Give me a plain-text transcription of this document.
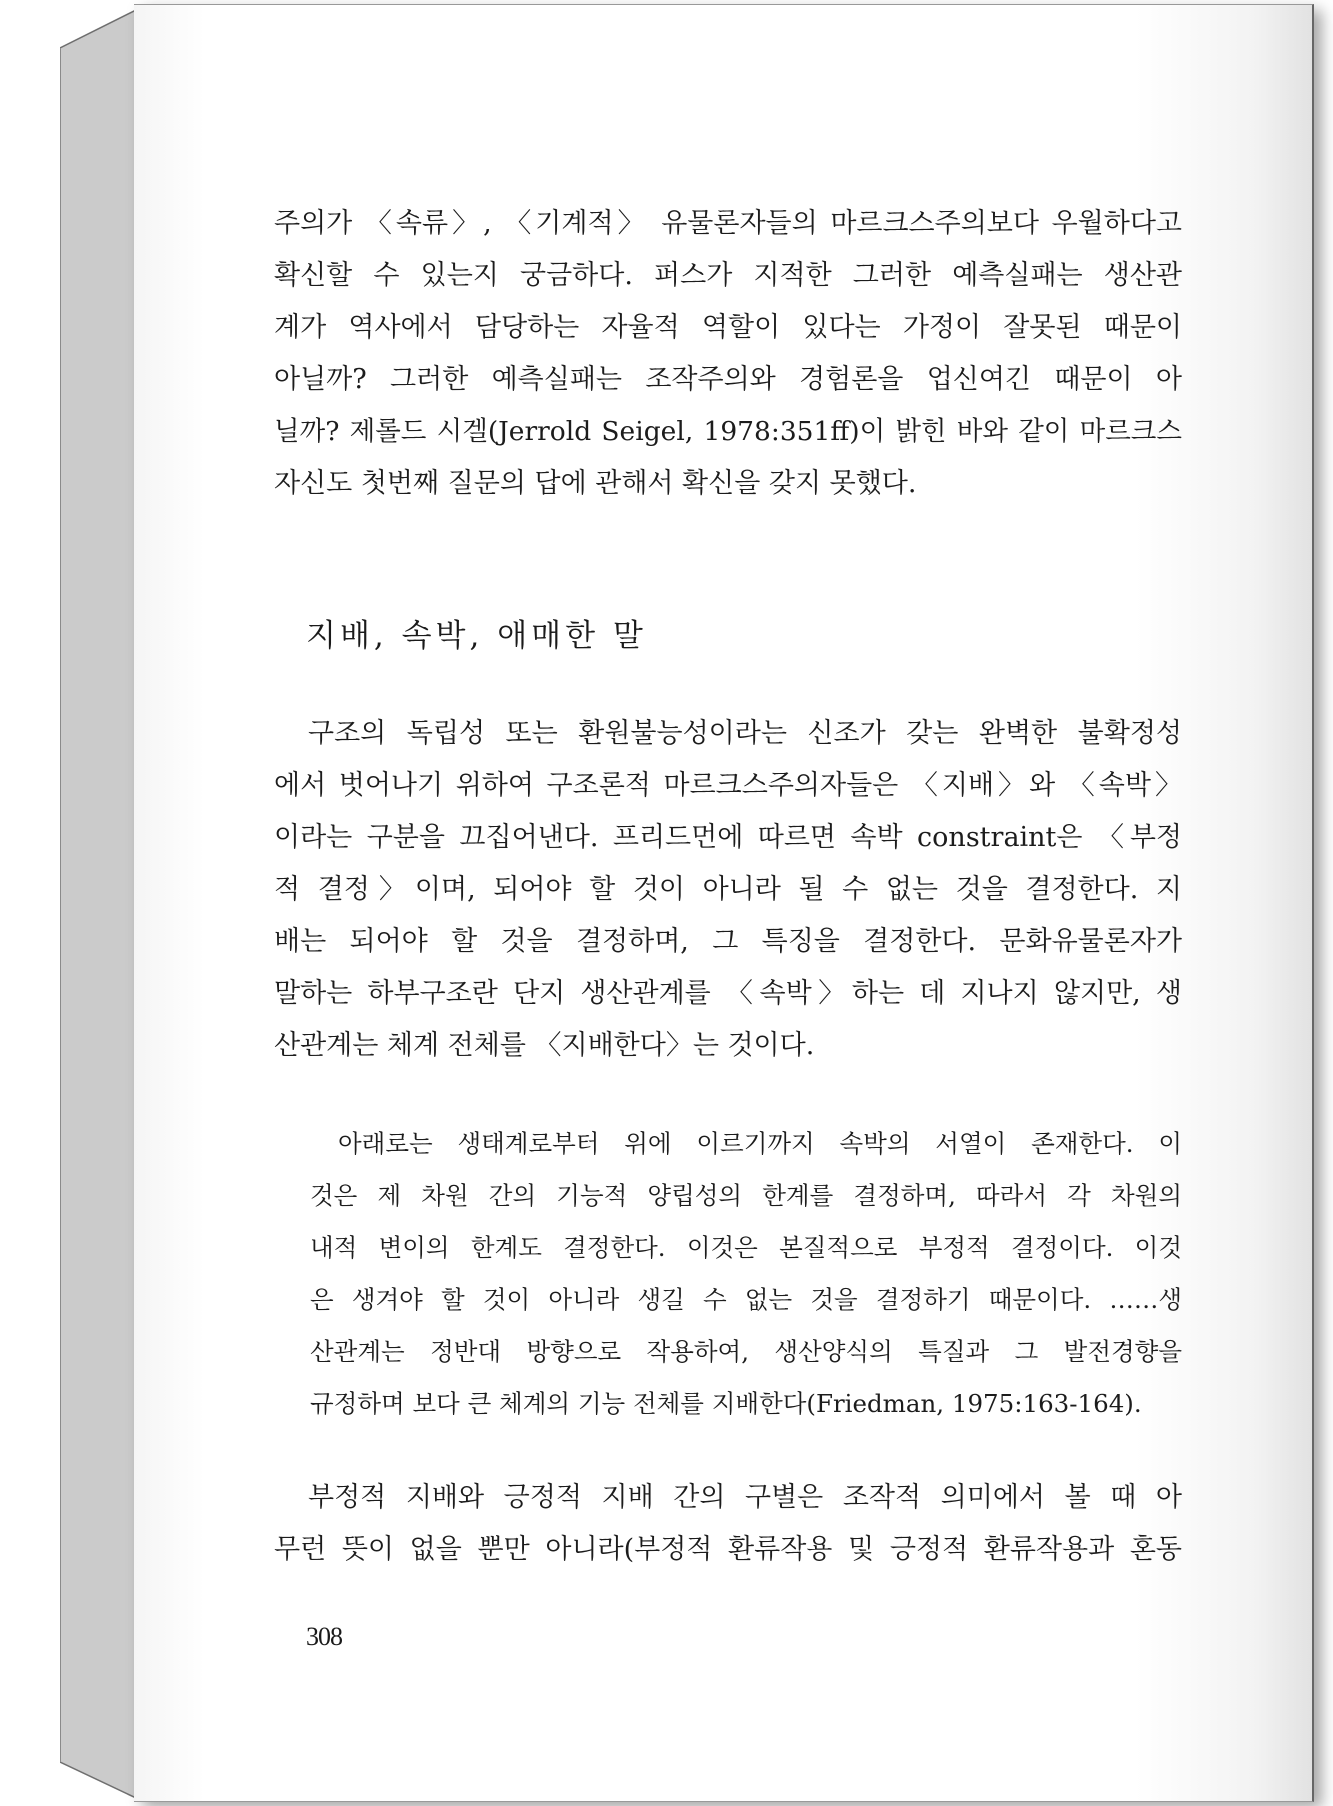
주의가 〈속류〉, 〈기계적〉 유물론자들의 마르크스주의보다 우월하다고
확신할 수 있는지 궁금하다. 퍼스가 지적한 그러한 예측실패는 생산관
계가 역사에서 담당하는 자율적 역할이 있다는 가정이 잘못된 때문이
아닐까? 그러한 예측실패는 조작주의와 경험론을 업신여긴 때문이 아
닐까? 제롤드 시겔(Jerrold Seigel, 1978:351ff)이 밝힌 바와 같이 마르크스
자신도 첫번째 질문의 답에 관해서 확신을 갖지 못했다.
지배, 속박, 애매한 말
구조의 독립성 또는 환원불능성이라는 신조가 갖는 완벽한 불확정성
에서 벗어나기 위하여 구조론적 마르크스주의자들은 〈지배〉와 〈속박〉
이라는 구분을 끄집어낸다. 프리드먼에 따르면 속박 constraint은 〈부정
적 결정〉이며, 되어야 할 것이 아니라 될 수 없는 것을 결정한다. 지
배는 되어야 할 것을 결정하며, 그 특징을 결정한다. 문화유물론자가
말하는 하부구조란 단지 생산관계를 〈속박〉하는 데 지나지 않지만, 생
산관계는 체계 전체를 〈지배한다〉는 것이다.
아래로는 생태계로부터 위에 이르기까지 속박의 서열이 존재한다. 이
것은 제 차원 간의 기능적 양립성의 한계를 결정하며, 따라서 각 차원의
내적 변이의 한계도 결정한다. 이것은 본질적으로 부정적 결정이다. 이것
은 생겨야 할 것이 아니라 생길 수 없는 것을 결정하기 때문이다. ……생
산관계는 정반대 방향으로 작용하여, 생산양식의 특질과 그 발전경향을
규정하며 보다 큰 체계의 기능 전체를 지배한다(Friedman, 1975:163-164).
부정적 지배와 긍정적 지배 간의 구별은 조작적 의미에서 볼 때 아
무런 뜻이 없을 뿐만 아니라(부정적 환류작용 및 긍정적 환류작용과 혼동
308
